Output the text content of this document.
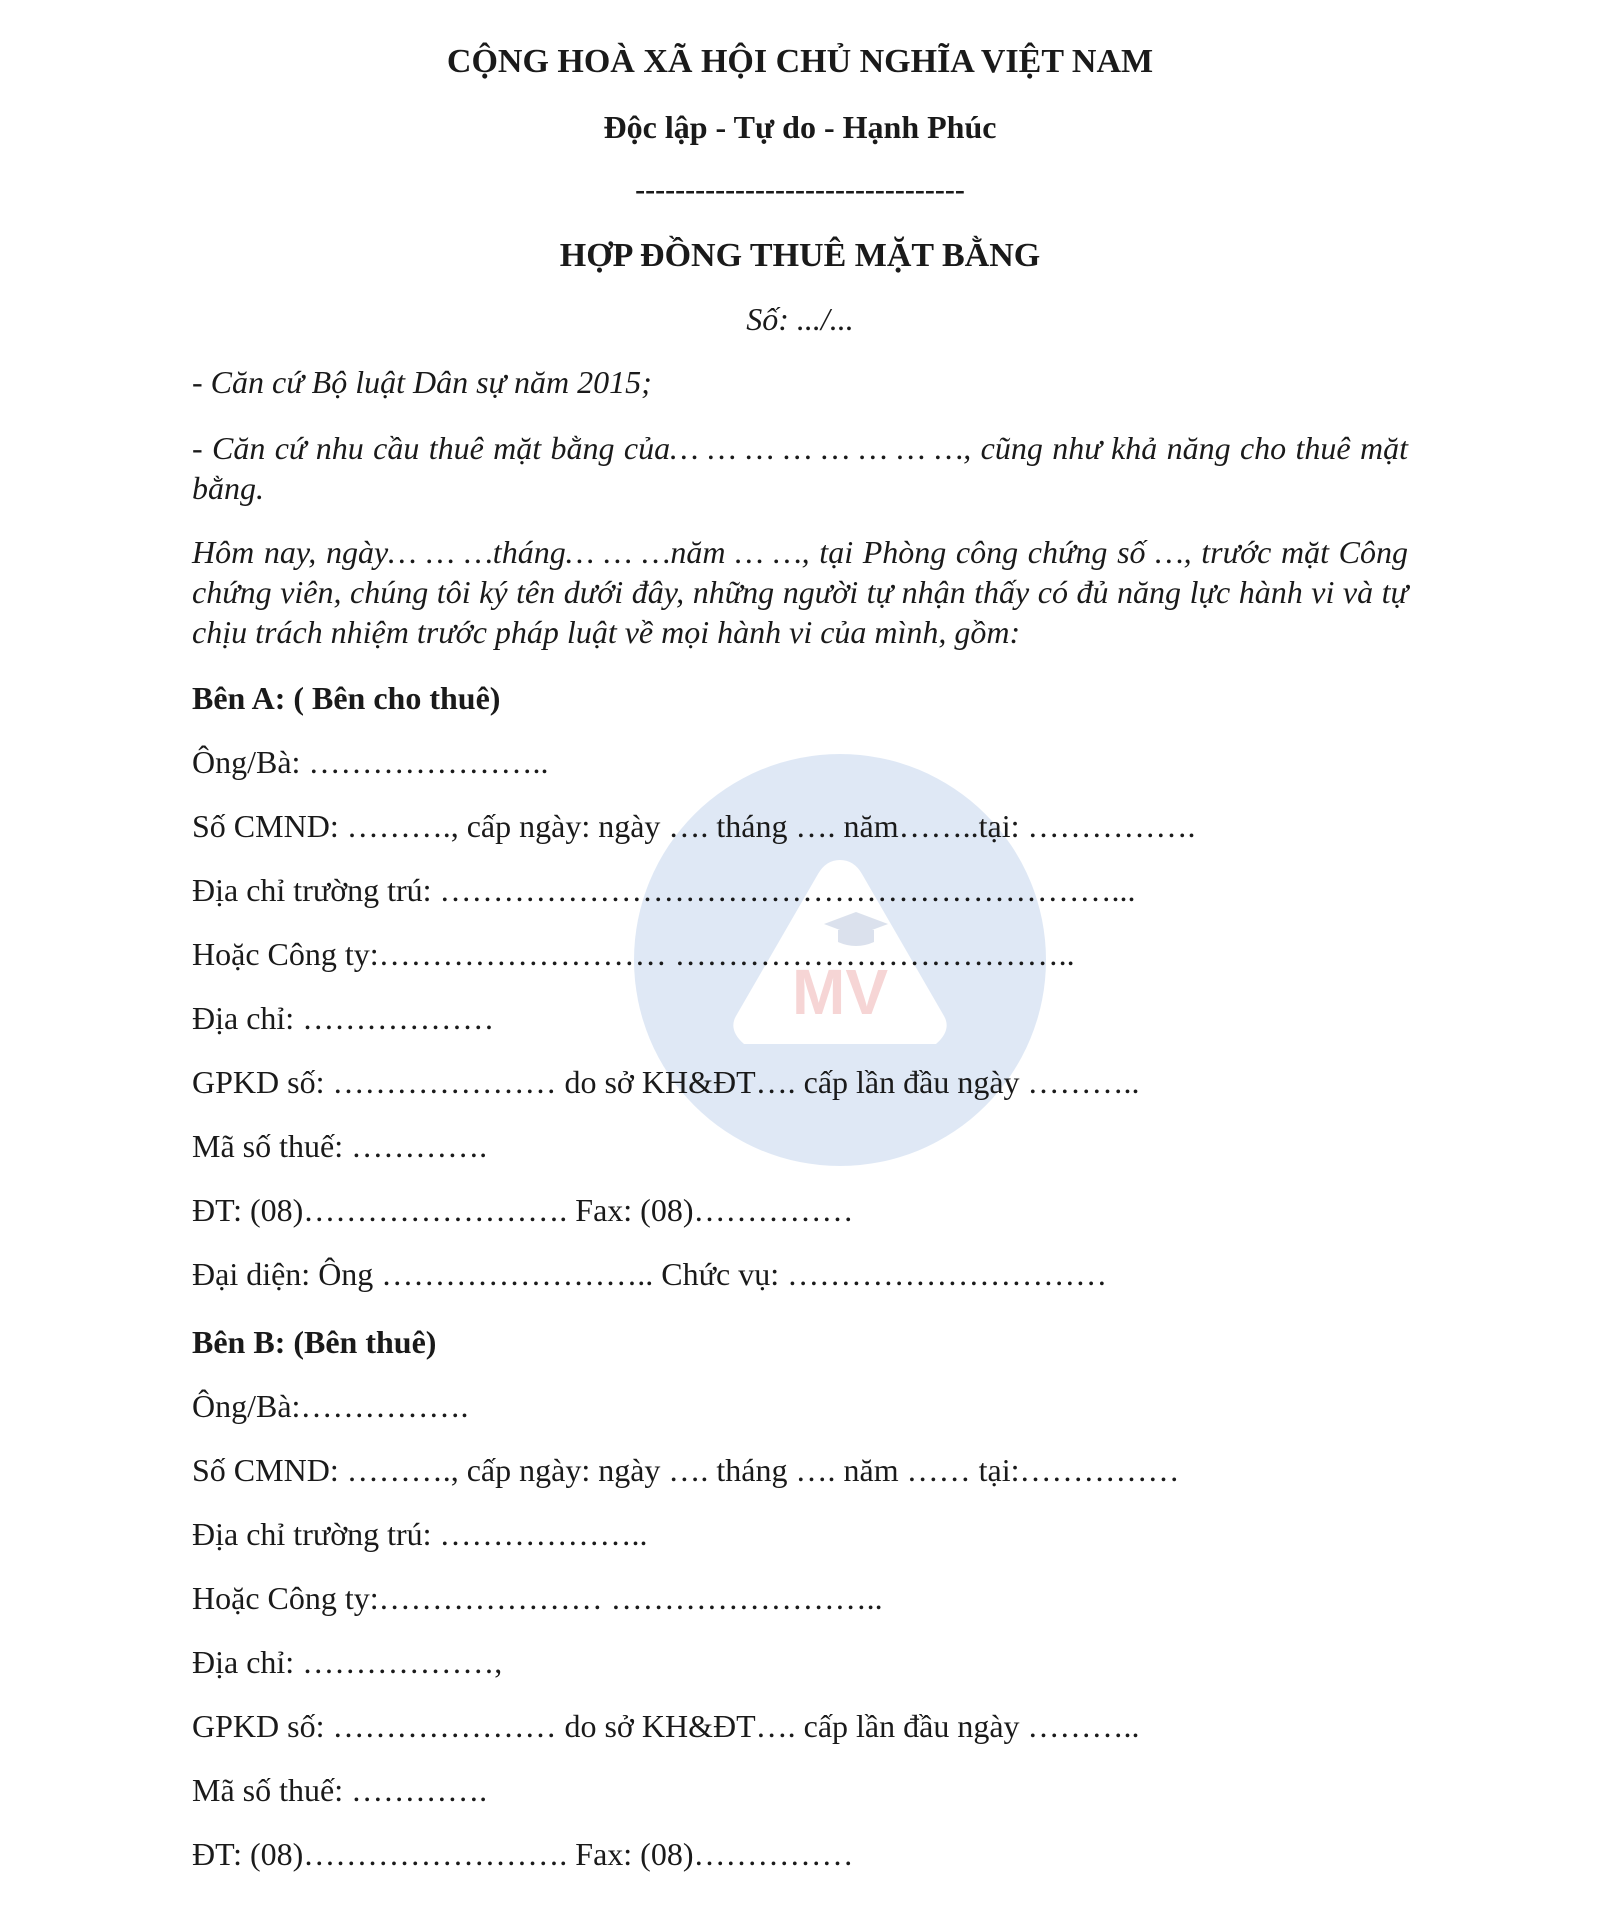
MV
CỘNG HOÀ XÃ HỘI CHỦ NGHĨA VIỆT NAM
Độc lập - Tự do - Hạnh Phúc
---------------------------------
HỢP ĐỒNG THUÊ MẶT BẰNG
Số: .../...
- Căn cứ Bộ luật Dân sự năm 2015;
- Căn cứ nhu cầu thuê mặt bằng của… … … … … … … …, cũng như khả năng cho thuê mặt bằng.
Hôm nay, ngày… … …tháng… … …năm … …, tại Phòng công chứng số …, trước mặt Công chứng viên, chúng tôi ký tên dưới đây, những người tự nhận thấy có đủ năng lực hành vi và tự chịu trách nhiệm trước pháp luật về mọi hành vi của mình, gồm:
Bên A: ( Bên cho thuê)
Ông/Bà: …………………..
Số CMND: ………., cấp ngày: ngày …. tháng …. năm……..tại: …………….
Địa chỉ trường trú: ………………………………………………………...
Hoặc Công ty:……………………… ………………………………..
Địa chỉ: ………………
GPKD số: ………………… do sở KH&ĐT…. cấp lần đầu ngày ………..
Mã số thuế: ………….
ĐT: (08)……………………. Fax: (08)……………
Đại diện: Ông …………………….. Chức vụ: …………………………
Bên B: (Bên thuê)
Ông/Bà:…………….
Số CMND: ………., cấp ngày: ngày …. tháng …. năm …… tại:……………
Địa chỉ trường trú: ………………..
Hoặc Công ty:………………… ……………………..
Địa chỉ: ………………,
GPKD số: ………………… do sở KH&ĐT…. cấp lần đầu ngày ………..
Mã số thuế: ………….
ĐT: (08)……………………. Fax: (08)……………
